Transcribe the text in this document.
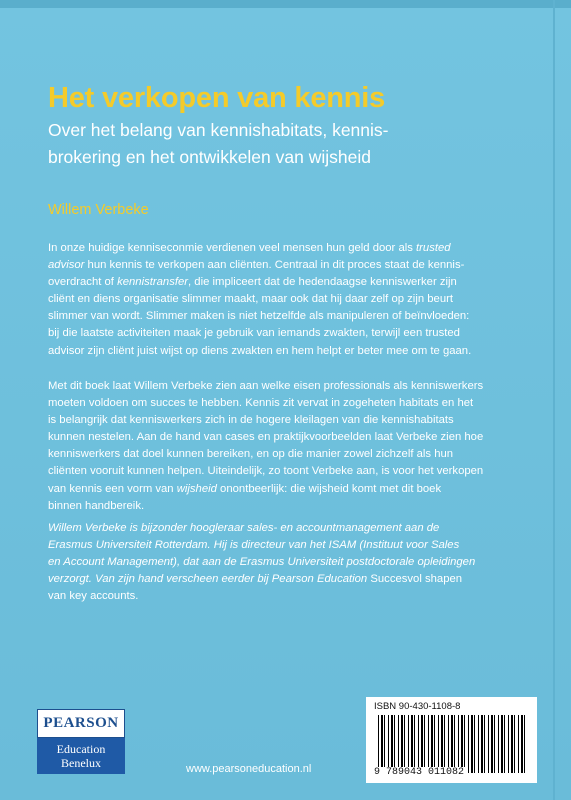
Het verkopen van kennis
Over het belang van kennishabitats, kennis-
brokering en het ontwikkelen van wijsheid
Willem Verbeke
In onze huidige kenniseconmie verdienen veel mensen hun geld door als trusted
advisor hun kennis te verkopen aan cliënten. Centraal in dit proces staat de kennis-
overdracht of kennistransfer, die impliceert dat de hedendaagse kenniswerker zijn
cliënt en diens organisatie slimmer maakt, maar ook dat hij daar zelf op zijn beurt
slimmer van wordt. Slimmer maken is niet hetzelfde als manipuleren of beïnvloeden:
bij die laatste activiteiten maak je gebruik van iemands zwakten, terwijl een trusted
advisor zijn cliënt juist wijst op diens zwakten en hem helpt er beter mee om te gaan.
Met dit boek laat Willem Verbeke zien aan welke eisen professionals als kenniswerkers
moeten voldoen om succes te hebben. Kennis zit vervat in zogeheten habitats en het
is belangrijk dat kenniswerkers zich in de hogere kleilagen van die kennishabitats
kunnen nestelen. Aan de hand van cases en praktijkvoorbeelden laat Verbeke zien hoe
kenniswerkers dat doel kunnen bereiken, en op die manier zowel zichzelf als hun
cliënten vooruit kunnen helpen. Uiteindelijk, zo toont Verbeke aan, is voor het verkopen
van kennis een vorm van wijsheid onontbeerlijk: die wijsheid komt met dit boek
binnen handbereik.
Willem Verbeke is bijzonder hoogleraar sales- en accountmanagement aan de
Erasmus Universiteit Rotterdam. Hij is directeur van het ISAM (Instituut voor Sales
en Account Management), dat aan de Erasmus Universiteit postdoctorale opleidingen
verzorgt. Van zijn hand verscheen eerder bij Pearson Education Succesvol shapen
van key accounts.
PEARSON
Education
Benelux	www.pearsoneducation.nl
ISBN 90-430-1108-8
9 789043 011082
